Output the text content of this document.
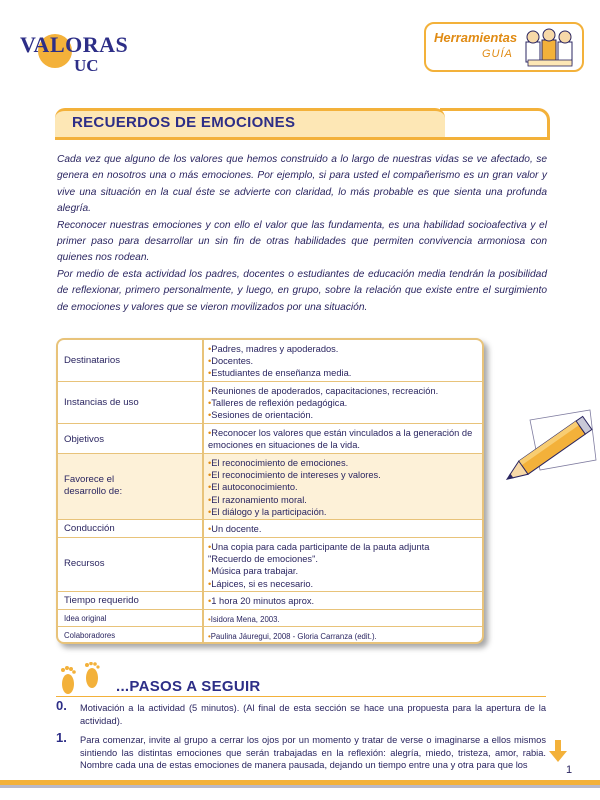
VALORAS
UC
Herramientas
GUÍA
RECUERDOS DE EMOCIONES

Cada vez que alguno de los valores que hemos construido a lo largo de nuestras vidas se ve afectado, se genera en nosotros una o más emociones. Por ejemplo, si para usted el compañerismo es un gran valor y vive una situación en la cual éste se advierte con claridad, lo más probable es que sienta una profunda alegría.

Reconocer nuestras emociones y con ello el valor que las fundamenta, es una habilidad socioafectiva y el primer paso para desarrollar un sin fin de otras habilidades que permiten convivencia armoniosa con quienes nos rodean.

Por medio de esta actividad los padres, docentes o estudiantes de educación media tendrán la posibilidad de reflexionar, primero personalmente, y luego, en grupo, sobre la relación que existe entre el surgimiento de emociones y valores que se vieron movilizados por una situación.

Destinatarios
• Padres, madres y apoderados.
• Docentes.
• Estudiantes de enseñanza media.
Instancias de uso
• Reuniones de apoderados, capacitaciones, recreación.
• Talleres de reflexión pedagógica.
• Sesiones de orientación.
Objetivos
• Reconocer los valores que están vinculados a la generación de emociones en situaciones de la vida.
Favorece el
desarrollo de:
• El reconocimiento de emociones.
• El reconocimiento de intereses y valores.
• El autoconocimiento.
• El razonamiento moral.
• El diálogo y la participación.
Conducción	• Un docente.
Recursos
• Una copia para cada participante de la pauta adjunta "Recuerdo de emociones".
• Música para trabajar.
• Lápices, si es necesario.
Tiempo requerido	• 1 hora 20 minutos aprox.
Idea original	• Isidora Mena, 2003.
Colaboradores	• Paulina Jáuregui, 2008 - Gloria Carranza (edit.).
...PASOS A SEGUIR
0. Motivación a la actividad (5 minutos). (Al final de esta sección se hace una propuesta para la apertura de la actividad).
1. Para comenzar, invite al grupo a cerrar los ojos por un momento y tratar de verse o imaginarse a ellos mismos sintiendo las distintas emociones que serán trabajadas en la reflexión: alegría, miedo, tristeza, amor, rabia. Nombre cada una de estas emociones de manera pausada, dejando un tiempo entre una y otra para que los	1
